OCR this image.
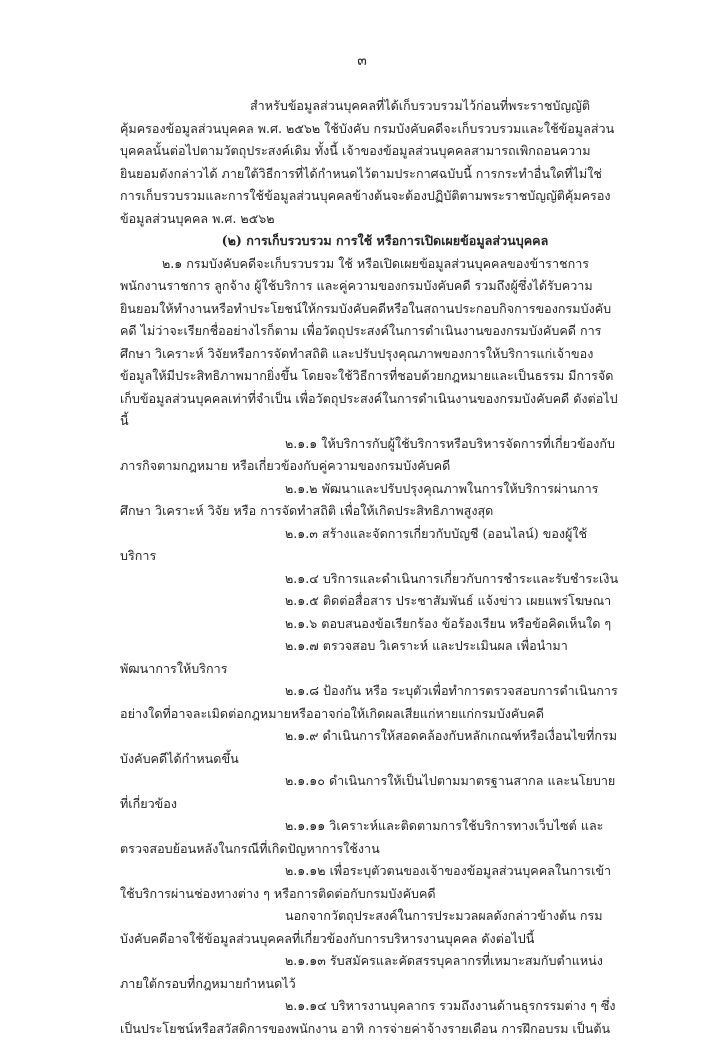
๓

สำหรับข้อมูลส่วนบุคคลที่ได้เก็บรวบรวมไว้ก่อนที่พระราชบัญญัติคุ้มครองข้อมูลส่วนบุคคล พ.ศ. ๒๕๖๒ ใช้บังคับ กรมบังคับคดีจะเก็บรวบรวมและใช้ข้อมูลส่วนบุคคลนั้นต่อไปตามวัตถุประสงค์เดิม ทั้งนี้ เจ้าของข้อมูลส่วนบุคคลสามารถเพิกถอนความยินยอมดังกล่าวได้ ภายใต้วิธีการที่ได้กำหนดไว้ตามประกาศฉบับนี้ การกระทำอื่นใดที่ไม่ใช่การเก็บรวบรวมและการใช้ข้อมูลส่วนบุคคลข้างต้นจะต้องปฏิบัติตามพระราชบัญญัติคุ้มครองข้อมูลส่วนบุคคล พ.ศ. ๒๕๖๒

(๒) การเก็บรวบรวม การใช้ หรือการเปิดเผยข้อมูลส่วนบุคคล

๒.๑ กรมบังคับคดีจะเก็บรวบรวม ใช้ หรือเปิดเผยข้อมูลส่วนบุคคลของข้าราชการ พนักงานราชการ ลูกจ้าง ผู้ใช้บริการ และคู่ความของกรมบังคับคดี รวมถึงผู้ซึ่งได้รับความยินยอมให้ทำงานหรือทำประโยชน์ให้กรมบังคับคดีหรือในสถานประกอบกิจการของกรมบังคับคดี ไม่ว่าจะเรียกชื่ออย่างไรก็ตาม เพื่อวัตถุประสงค์ในการดำเนินงานของกรมบังคับคดี การศึกษา วิเคราะห์ วิจัยหรือการจัดทำสถิติ และปรับปรุงคุณภาพของการให้บริการแก่เจ้าของข้อมูลให้มีประสิทธิภาพมากยิ่งขึ้น โดยจะใช้วิธีการที่ชอบด้วยกฎหมายและเป็นธรรม มีการจัดเก็บข้อมูลส่วนบุคคลเท่าที่จำเป็น เพื่อวัตถุประสงค์ในการดำเนินงานของกรมบังคับคดี ดังต่อไปนี้

๒.๑.๑ ให้บริการกับผู้ใช้บริการหรือบริหารจัดการที่เกี่ยวข้องกับภารกิจตามกฎหมาย หรือเกี่ยวข้องกับคู่ความของกรมบังคับคดี

๒.๑.๒ พัฒนาและปรับปรุงคุณภาพในการให้บริการผ่านการศึกษา วิเคราะห์ วิจัย หรือ การจัดทำสถิติ เพื่อให้เกิดประสิทธิภาพสูงสุด

๒.๑.๓ สร้างและจัดการเกี่ยวกับบัญชี (ออนไลน์) ของผู้ใช้บริการ

๒.๑.๔ บริการและดำเนินการเกี่ยวกับการชำระและรับชำระเงิน

๒.๑.๕ ติดต่อสื่อสาร ประชาสัมพันธ์ แจ้งข่าว เผยแพร่โฆษณา

๒.๑.๖ ตอบสนองข้อเรียกร้อง ข้อร้องเรียน หรือข้อคิดเห็นใด ๆ

๒.๑.๗ ตรวจสอบ วิเคราะห์ และประเมินผล เพื่อนำมาพัฒนาการให้บริการ

๒.๑.๘ ป้องกัน หรือ ระบุตัวเพื่อทำการตรวจสอบการดำเนินการอย่างใดที่อาจละเมิดต่อกฎหมายหรืออาจก่อให้เกิดผลเสียแก่หายแก่กรมบังคับคดี

๒.๑.๙ ดำเนินการให้สอดคล้องกับหลักเกณฑ์หรือเงื่อนไขที่กรมบังคับคดีได้กำหนดขึ้น

๒.๑.๑๐ ดำเนินการให้เป็นไปตามมาตรฐานสากล และนโยบายที่เกี่ยวข้อง

๒.๑.๑๑ วิเคราะห์และติดตามการใช้บริการทางเว็บไซต์ และ ตรวจสอบย้อนหลังในกรณีที่เกิดปัญหาการใช้งาน

๒.๑.๑๒ เพื่อระบุตัวตนของเจ้าของข้อมูลส่วนบุคคลในการเข้าใช้บริการผ่านช่องทางต่าง ๆ หรือการติดต่อกับกรมบังคับคดี

นอกจากวัตถุประสงค์ในการประมวลผลดังกล่าวข้างต้น กรมบังคับคดีอาจใช้ข้อมูลส่วนบุคคลที่เกี่ยวข้องกับการบริหารงานบุคคล ดังต่อไปนี้

๒.๑.๑๓ รับสมัครและคัดสรรบุคลากรที่เหมาะสมกับตำแหน่งภายใต้กรอบที่กฎหมายกำหนดไว้

๒.๑.๑๔ บริหารงานบุคลากร รวมถึงงานด้านธุรกรรมต่าง ๆ ซึ่งเป็นประโยชน์หรือสวัสดิการของพนักงาน อาทิ การจ่ายค่าจ้างรายเดือน การฝึกอบรม เป็นต้น
